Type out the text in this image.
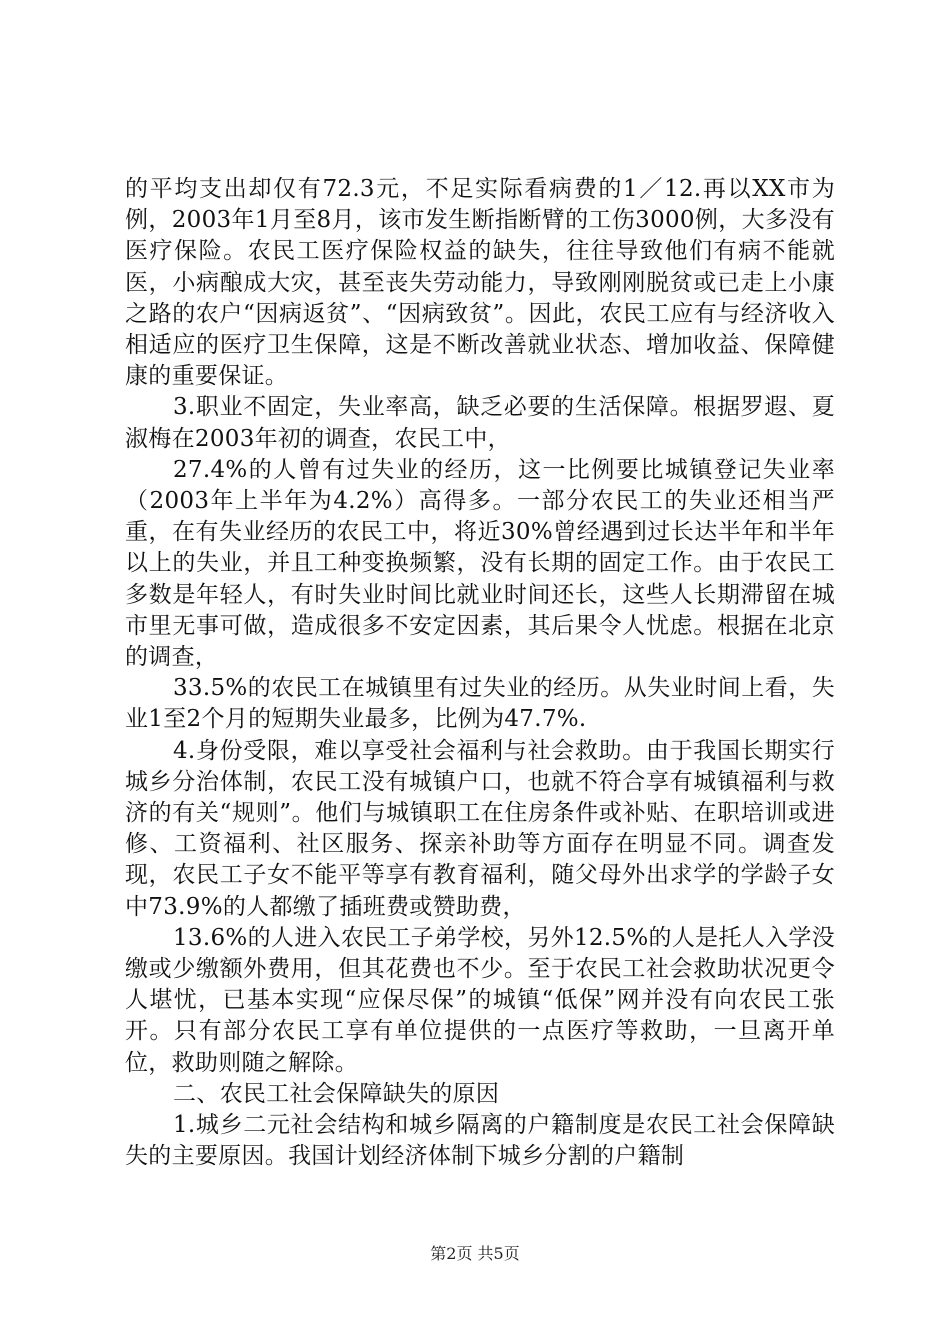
的平均支出却仅有72.3元，不足实际看病费的1／12.再以XX市为例，2003年1月至8月，该市发生断指断臂的工伤3000例，大多没有医疗保险。农民工医疗保险权益的缺失，往往导致他们有病不能就医，小病酿成大灾，甚至丧失劳动能力，导致刚刚脱贫或已走上小康之路的农户“因病返贫”、“因病致贫”。因此，农民工应有与经济收入相适应的医疗卫生保障，这是不断改善就业状态、增加收益、保障健康的重要保证。

3.职业不固定，失业率高，缺乏必要的生活保障。根据罗遐、夏淑梅在2003年初的调查，农民工中，

27.4%的人曾有过失业的经历，这一比例要比城镇登记失业率（2003年上半年为4.2%）高得多。一部分农民工的失业还相当严重，在有失业经历的农民工中，将近30%曾经遇到过长达半年和半年以上的失业，并且工种变换频繁，没有长期的固定工作。由于农民工多数是年轻人，有时失业时间比就业时间还长，这些人长期滞留在城市里无事可做，造成很多不安定因素，其后果令人忧虑。根据在北京的调查，

33.5%的农民工在城镇里有过失业的经历。从失业时间上看，失业1至2个月的短期失业最多，比例为47.7%.

4.身份受限，难以享受社会福利与社会救助。由于我国长期实行城乡分治体制，农民工没有城镇户口，也就不符合享有城镇福利与救济的有关“规则”。他们与城镇职工在住房条件或补贴、在职培训或进修、工资福利、社区服务、探亲补助等方面存在明显不同。调查发现，农民工子女不能平等享有教育福利，随父母外出求学的学龄子女中73.9%的人都缴了插班费或赞助费，

13.6%的人进入农民工子弟学校，另外12.5%的人是托人入学没缴或少缴额外费用，但其花费也不少。至于农民工社会救助状况更令人堪忧，已基本实现“应保尽保”的城镇“低保”网并没有向农民工张开。只有部分农民工享有单位提供的一点医疗等救助，一旦离开单位，救助则随之解除。

二、农民工社会保障缺失的原因

1.城乡二元社会结构和城乡隔离的户籍制度是农民工社会保障缺失的主要原因。我国计划经济体制下城乡分割的户籍制

第2页 共5页
